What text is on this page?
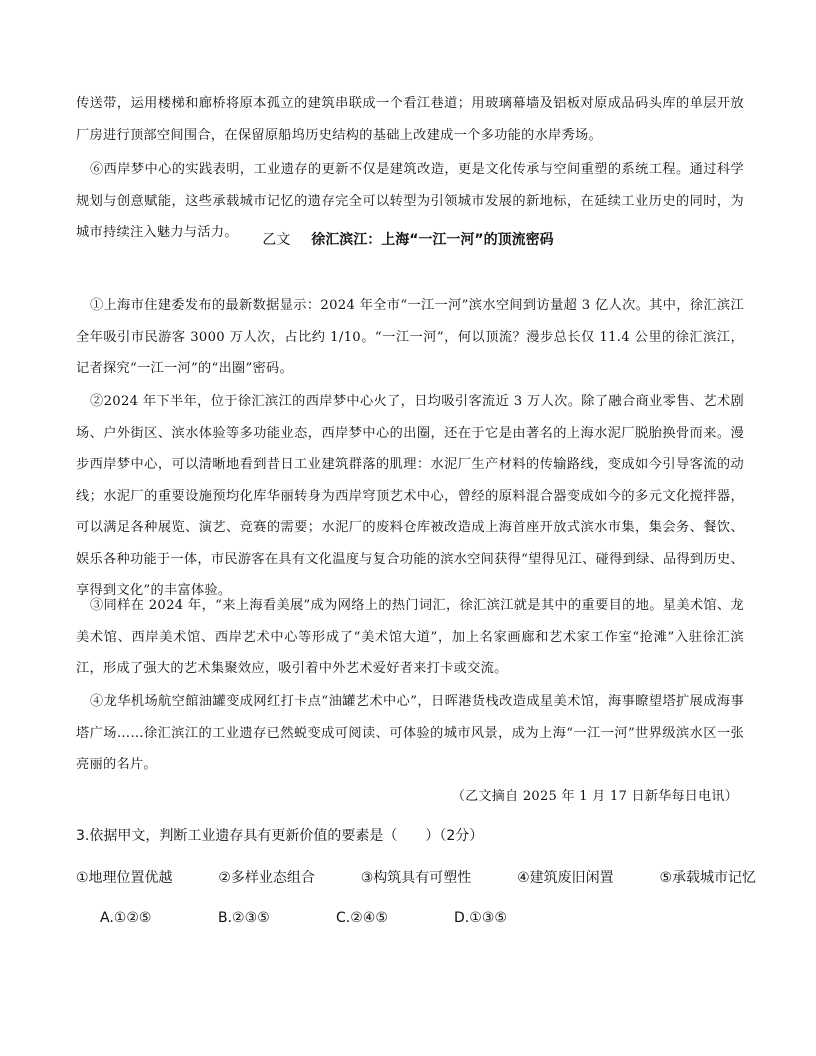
传送带，运用楼梯和廊桥将原本孤立的建筑串联成一个看江巷道；用玻璃幕墙及铝板对原成品码头库的单层开放厂房进行顶部空间围合，在保留原船坞历史结构的基础上改建成一个多功能的水岸秀场。

⑥西岸梦中心的实践表明，工业遗存的更新不仅是建筑改造，更是文化传承与空间重塑的系统工程。通过科学规划与创意赋能，这些承载城市记忆的遗存完全可以转型为引领城市发展的新地标，在延续工业历史的同时，为城市持续注入魅力与活力。	乙文 徐汇滨江：上海“一江一河”的顶流密码

①上海市住建委发布的最新数据显示：2024 年全市“一江一河”滨水空间到访量超 3 亿人次。其中，徐汇滨江全年吸引市民游客 3000 万人次，占比约 1/10。“一江一河”，何以顶流？漫步总长仅 11.4 公里的徐汇滨江，记者探究“一江一河”的“出圈”密码。

②2024 年下半年，位于徐汇滨江的西岸梦中心火了，日均吸引客流近 3 万人次。除了融合商业零售、艺术剧场、户外街区、滨水体验等多功能业态，西岸梦中心的出圈，还在于它是由著名的上海水泥厂脱胎换骨而来。漫步西岸梦中心，可以清晰地看到昔日工业建筑群落的肌理：水泥厂生产材料的传输路线，变成如今引导客流的动线；水泥厂的重要设施预均化库华丽转身为西岸穹顶艺术中心，曾经的原料混合器变成如今的多元文化搅拌器，可以满足各种展览、演艺、竞赛的需要；水泥厂的废料仓库被改造成上海首座开放式滨水市集，集会务、餐饮、娱乐各种功能于一体，市民游客在具有文化温度与复合功能的滨水空间获得“望得见江、碰得到绿、品得到历史、享得到文化”的丰富体验。

③同样在 2024 年，“来上海看美展”成为网络上的热门词汇，徐汇滨江就是其中的重要目的地。星美术馆、龙美术馆、西岸美术馆、西岸艺术中心等形成了“美术馆大道”，加上名家画廊和艺术家工作室“抢滩”入驻徐汇滨江，形成了强大的艺术集聚效应，吸引着中外艺术爱好者来打卡或交流。

④龙华机场航空館油罐变成网红打卡点“油罐艺术中心”，日晖港货栈改造成星美术馆，海事瞭望塔扩展成海事塔广场……徐汇滨江的工业遗存已然蜕变成可阅读、可体验的城市风景，成为上海“一江一河”世界级滨水区一张亮丽的名片。

（乙文摘自 2025 年 1 月 17 日新华每日电讯）

3.依据甲文，判断工业遗存具有更新价值的要素是（　　）（2分）

①地理位置优越	②多样业态组合	③构筑具有可塑性	④建筑废旧闲置	⑤承载城市记忆
A.①②⑤	B.②③⑤	C.②④⑤	D.①③⑤
